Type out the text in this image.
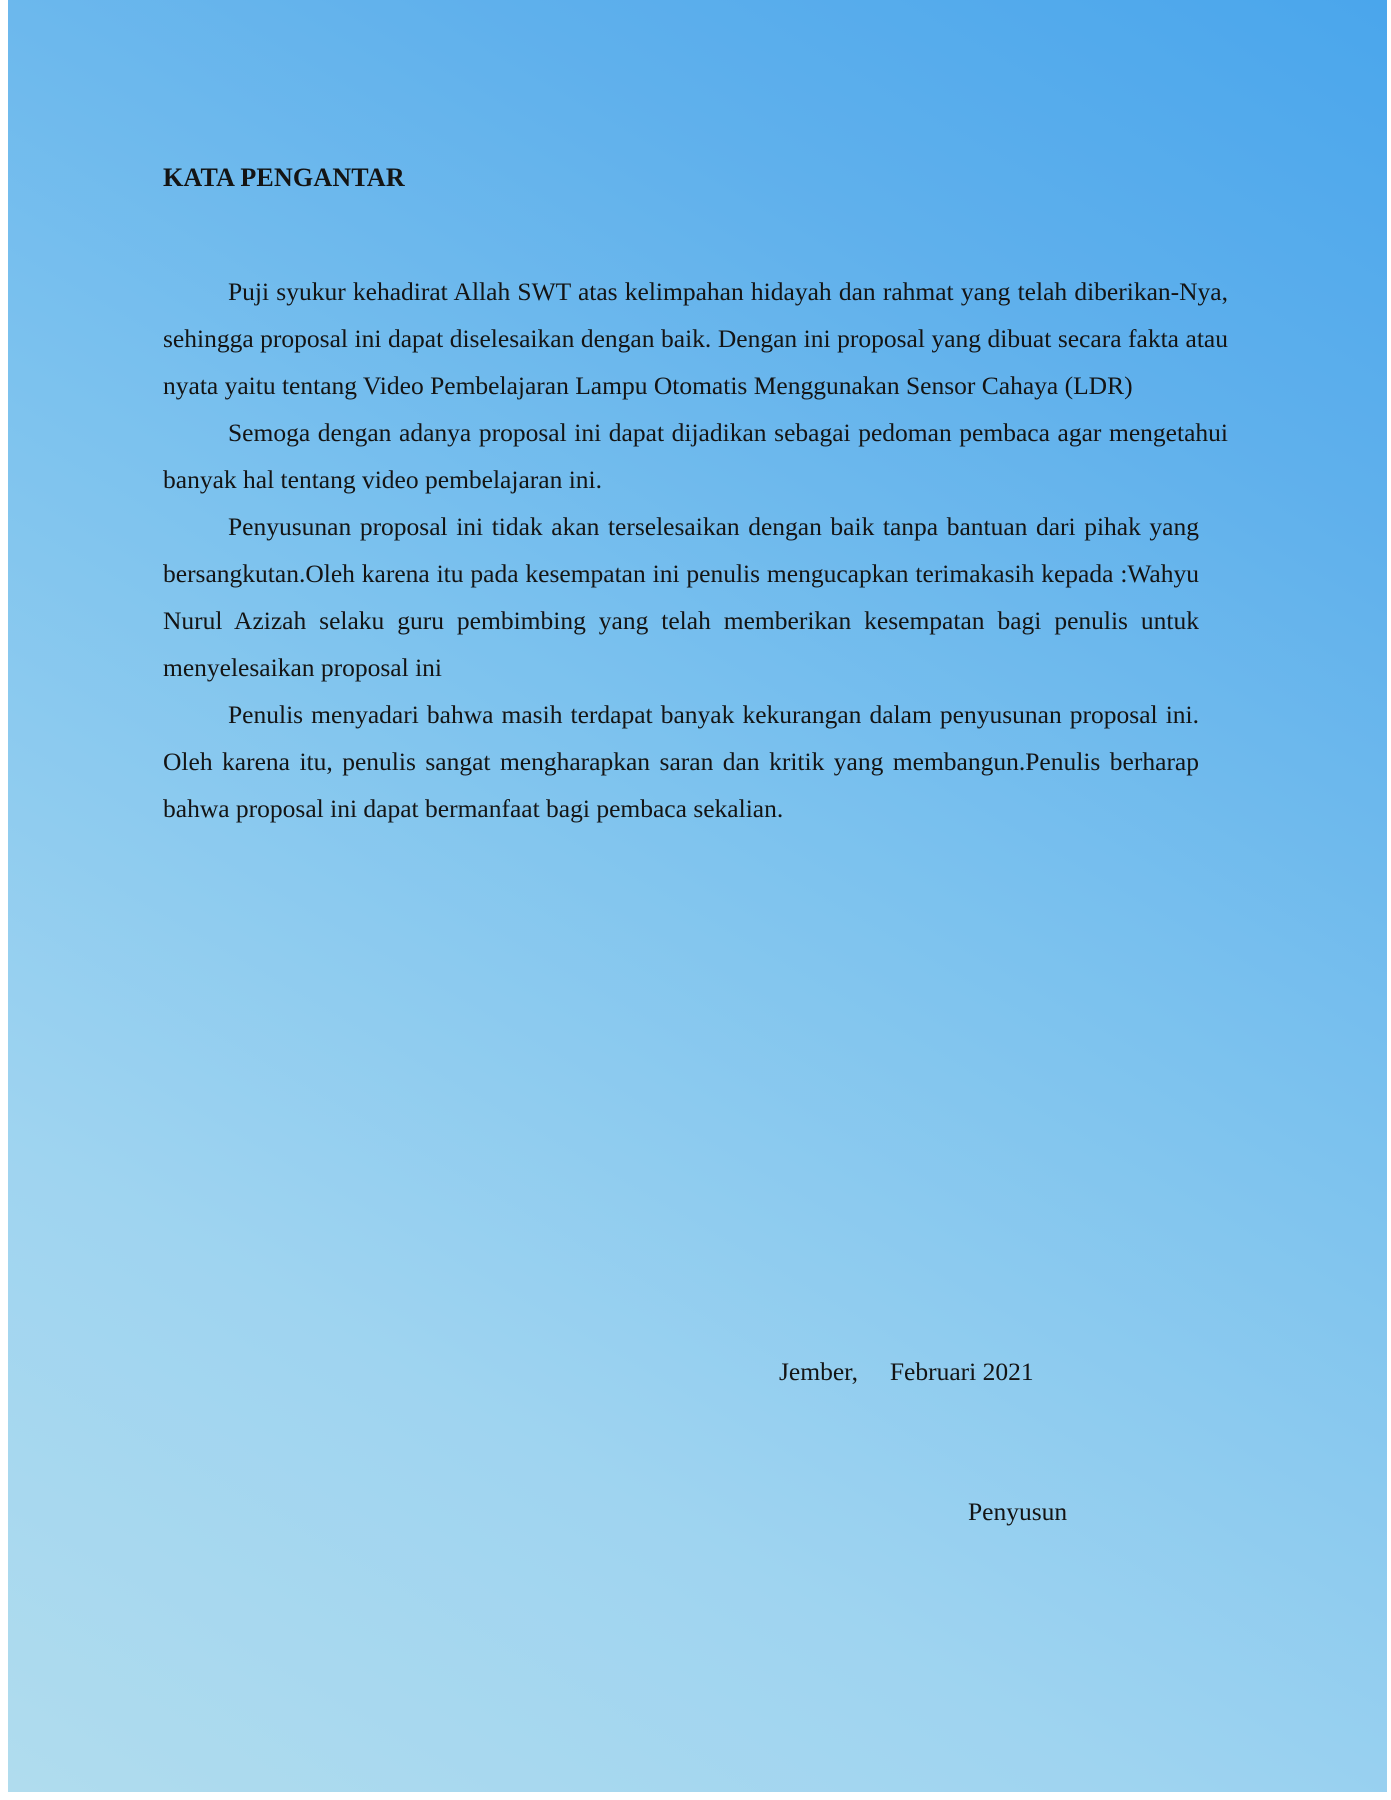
KATA PENGANTAR

Puji syukur kehadirat Allah SWT atas kelimpahan hidayah dan rahmat yang telah diberikan-Nya, sehingga proposal ini dapat diselesaikan dengan baik. Dengan ini proposal yang dibuat secara fakta atau nyata yaitu tentang Video Pembelajaran Lampu Otomatis Menggunakan Sensor Cahaya (LDR)

Semoga dengan adanya proposal ini dapat dijadikan sebagai pedoman pembaca agar mengetahui banyak hal tentang video pembelajaran ini.

Penyusunan proposal ini tidak akan terselesaikan dengan baik tanpa bantuan dari pihak yang bersangkutan.Oleh karena itu pada kesempatan ini penulis mengucapkan terimakasih kepada :Wahyu Nurul Azizah selaku guru pembimbing yang telah memberikan kesempatan bagi penulis untuk menyelesaikan proposal ini

Penulis menyadari bahwa masih terdapat banyak kekurangan dalam penyusunan proposal ini. Oleh karena itu, penulis sangat mengharapkan saran dan kritik yang membangun.Penulis berharap bahwa proposal ini dapat bermanfaat bagi pembaca sekalian.

Jember,     Februari 2021
Penyusun
